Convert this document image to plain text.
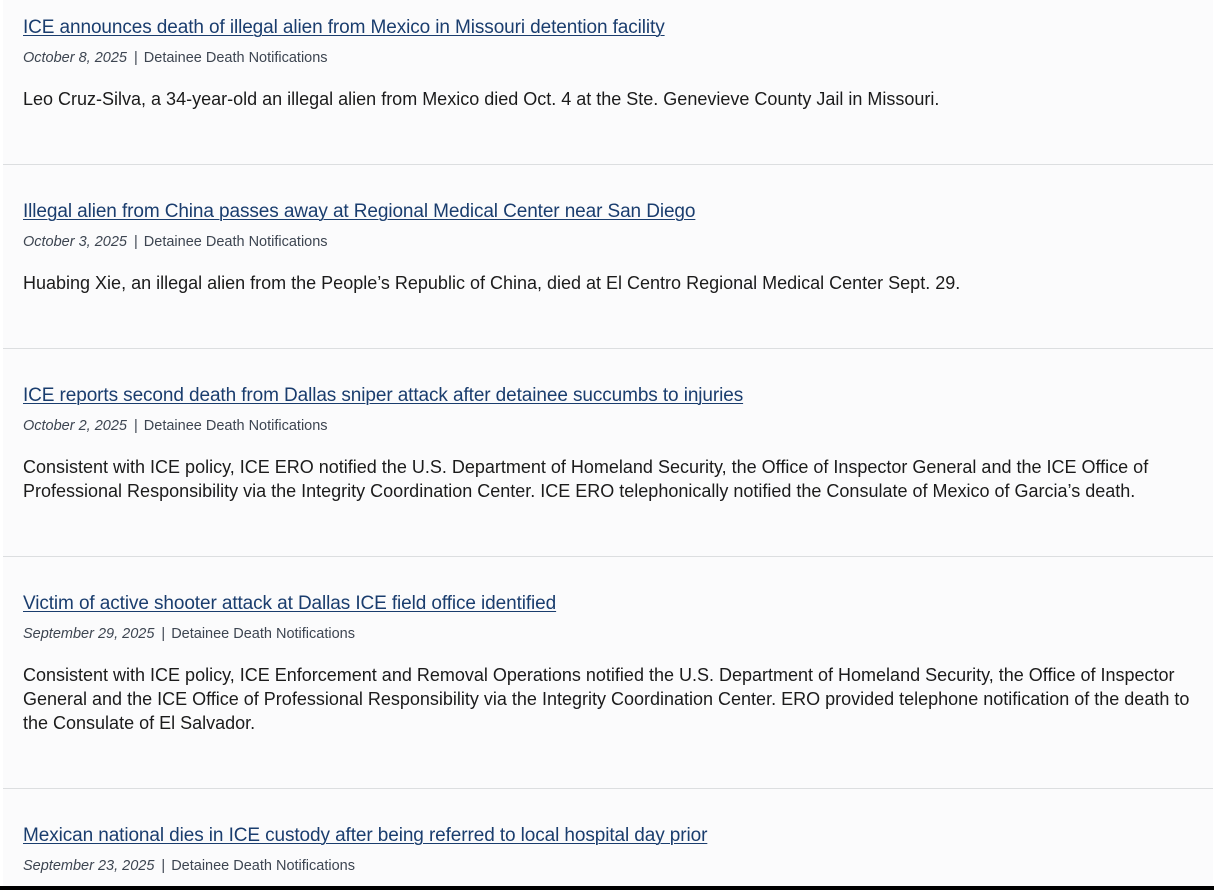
ICE announces death of illegal alien from Mexico in Missouri detention facility
October 8, 2025 | Detainee Death Notifications
Leo Cruz-Silva, a 34-year-old an illegal alien from Mexico died Oct. 4 at the Ste. Genevieve County Jail in Missouri.
Illegal alien from China passes away at Regional Medical Center near San Diego
October 3, 2025 | Detainee Death Notifications
Huabing Xie, an illegal alien from the People’s Republic of China, died at El Centro Regional Medical Center Sept. 29.
ICE reports second death from Dallas sniper attack after detainee succumbs to injuries
October 2, 2025 | Detainee Death Notifications
Consistent with ICE policy, ICE ERO notified the U.S. Department of Homeland Security, the Office of Inspector General and the ICE Office of Professional Responsibility via the Integrity Coordination Center. ICE ERO telephonically notified the Consulate of Mexico of Garcia’s death.
Victim of active shooter attack at Dallas ICE field office identified
September 29, 2025 | Detainee Death Notifications
Consistent with ICE policy, ICE Enforcement and Removal Operations notified the U.S. Department of Homeland Security, the Office of Inspector General and the ICE Office of Professional Responsibility via the Integrity Coordination Center. ERO provided telephone notification of the death to the Consulate of El Salvador.
Mexican national dies in ICE custody after being referred to local hospital day prior
September 23, 2025 | Detainee Death Notifications
